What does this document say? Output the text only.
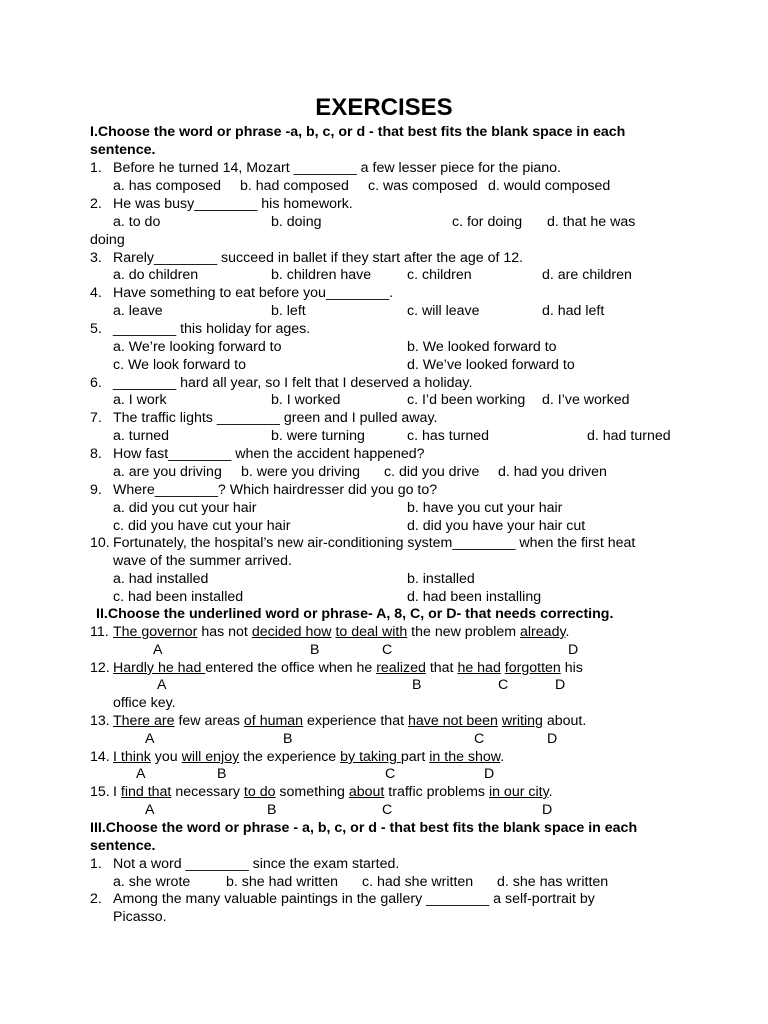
EXERCISES
I.Choose the word or phrase -a, b, c, or d - that best fits the blank space in each
sentence.
1. Before he turned 14, Mozart ________ a few lesser piece for the piano.
a. has composed b. had composed c. was composed d. would composed
2. He was busy________ his homework.
a. to do	b. doing	c. for doing d. that he was
doing
3. Rarely________ succeed in ballet if they start after the age of 12.
a. do children	b. children have	c. children	d. are children
4. Have something to eat before you________.
a. leave	b. left	c. will leave	d. had left
5. ________ this holiday for ages.
a. We’re looking forward to	b. We looked forward to
c. We look forward to	d. We’ve looked forward to
6. ________ hard all year, so I felt that I deserved a holiday.
a. I work	b. I worked	c. I’d been working d. I’ve worked
7. The traffic lights ________ green and I pulled away.
a. turned	b. were turning	c. has turned	d. had turned
8. How fast________ when the accident happened?
a. are you driving b. were you driving c. did you drive d. had you driven
9. Where________? Which hairdresser did you go to?
a. did you cut your hair	b. have you cut your hair
c. did you have cut your hair	d. did you have your hair cut
10. Fortunately, the hospital’s new air-conditioning system________ when the first heat
wave of the summer arrived.
a. had installed	b. installed
c. had been installed	d. had been installing
II.Choose the underlined word or phrase- A, 8, C, or D- that needs correcting.
11. The governor has not decided how to deal with the new problem already.
A	B	C	D
12. Hardly he had entered the office when he realized that he had forgotten his
A	B	C	D
office key.
13. There are few areas of human experience that have not been writing about.
A	B	C	D
14. I think you will enjoy the experience by taking part in the show.
A	B	C	D
15. I find that necessary to do something about traffic problems in our city.
A	B	C	D
III.Choose the word or phrase - a, b, c, or d - that best fits the blank space in each
sentence.
1. Not a word ________ since the exam started.
a. she wrote	b. she had written c. had she written d. she has written
2. Among the many valuable paintings in the gallery ________ a self-portrait by
Picasso.
